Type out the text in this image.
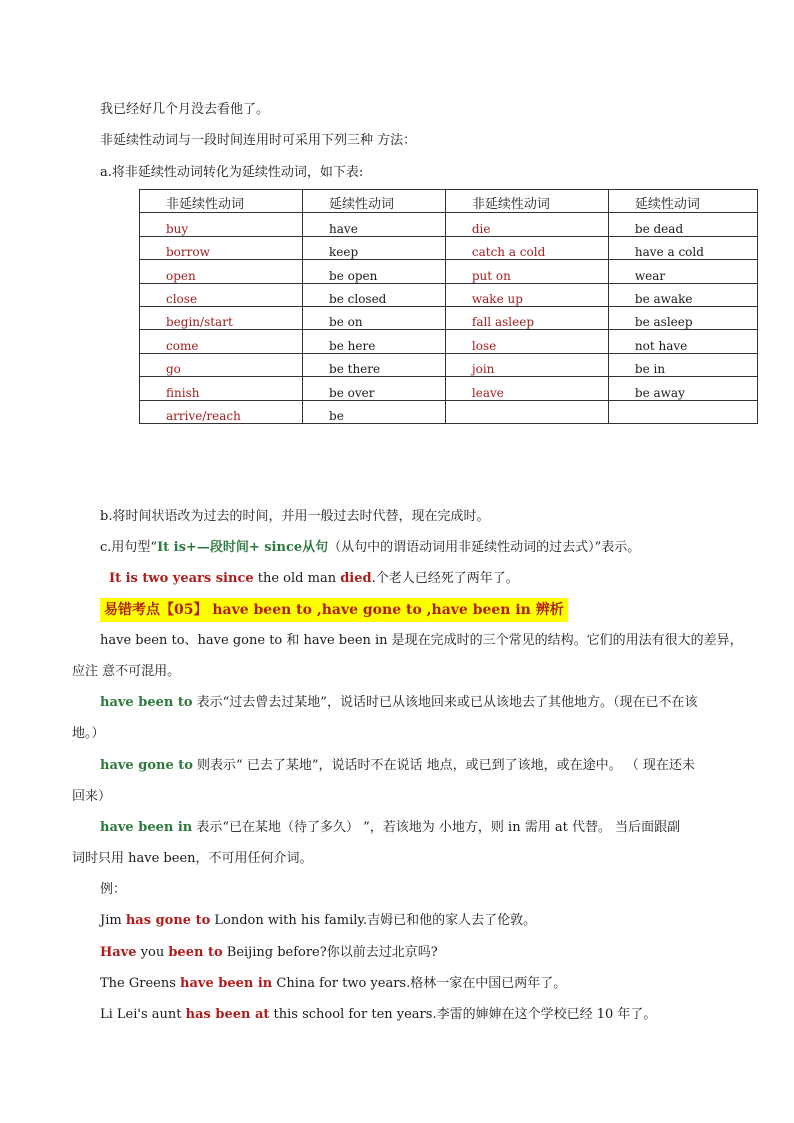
我已经好几个月没去看他了。
非延续性动词与一段时间连用时可采用下列三种 方法：
a.将非延续性动词转化为延续性动词，如下表:
非延续性动词	延续性动词	非延续性动词	延续性动词
buy	have	die	be dead
borrow	keep	catch a cold	have a cold
open	be open	put on	wear
close	be closed	wake up	be awake
begin/start	be on	fall asleep	be asleep
come	be here	lose	not have
go	be there	join	be in
finish	be over	leave	be away
arrive/reach	be		
b.将时间状语改为过去的时间，并用一般过去时代替，现在完成时。
c.用句型“It is+—段时间+ since从句（从句中的谓语动词用非延续性动词的过去式）”表示。
It is two years since the old man died.个老人已经死了两年了。
易错考点【05】 have been to ,have gone to ,have been in 辨析
have been to、have gone to 和 have been in 是现在完成时的三个常见的结构。它们的用法有很大的差异，
应注 意不可混用。
have been to 表示“过去曾去过某地”，说话时已从该地回来或已从该地去了其他地方。（现在已不在该
地。）
have gone to 则表示“ 已去了某地”，说话时不在说话 地点，或已到了该地，或在途中。 （ 现在还未
回来）
have been in 表示“已在某地（待了多久） ”，若该地为 小地方，则 in 需用 at 代替。 当后面跟副
词时只用 have been，不可用任何介词。
例：
Jim has gone to London with his family.吉姆已和他的家人去了伦敦。
Have you been to Beijing before?你以前去过北京吗?
The Greens have been in China for two years.格林一家在中国已两年了。
Li Lei's aunt has been at this school for ten years.李雷的婶婶在这个学校已经 10 年了。
